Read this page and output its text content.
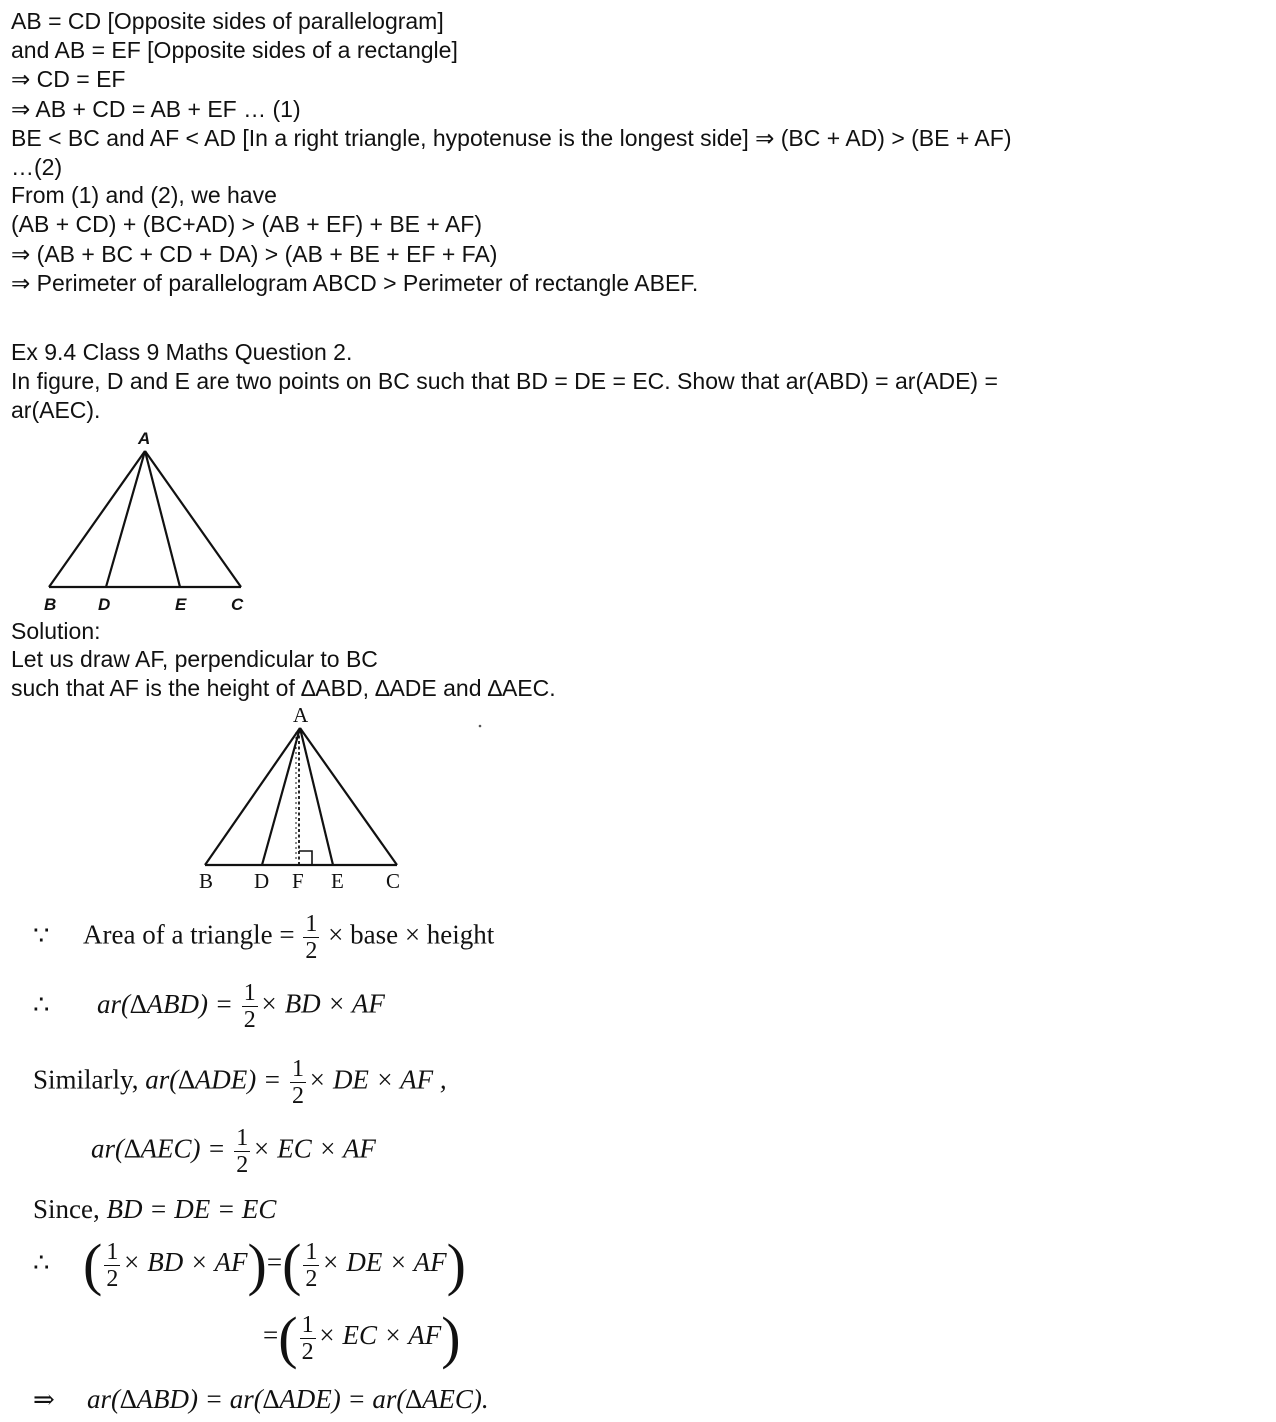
AB = CD [Opposite sides of parallelogram]
and AB = EF [Opposite sides of a rectangle]
⇒ CD = EF
⇒ AB + CD = AB + EF … (1)
BE < BC and AF < AD [In a right triangle, hypotenuse is the longest side] ⇒ (BC + AD) > (BE + AF)
…(2)
From (1) and (2), we have
(AB + CD) + (BC+AD) > (AB + EF) + BE + AF)
⇒ (AB + BC + CD + DA) > (AB + BE + EF + FA)
⇒ Perimeter of parallelogram ABCD > Perimeter of rectangle ABEF.
Ex 9.4 Class 9 Maths Question 2.
In figure, D and E are two points on BC such that BD = DE = EC. Show that ar(ABD) = ar(ADE) =
ar(AEC).
A
B D	E	C
Solution:
Let us draw AF, perpendicular to BC
such that AF is the height of ∆ABD, ∆ADE and ∆AEC.
A
B D F E C
∵ Area of a triangle = $\frac{1}{2}$ × base × height
∴ $ar(\Delta ABD) = \frac{1}{2}$ × BD × AF
Similarly, $ar(\Delta ADE) = \frac{1}{2}$ × DE × AF ,
$ar(\Delta AEC) = \frac{1}{2}$ × EC × AF
Since, BD = DE = EC
∴ ( $\frac{1}{2}$ × BD × $AF)=( \frac{1}{2}$ × DE × AF)
=( $\frac{1}{2}$ × EC × AF)
⇒ ar(∆ABD) = ar(∆ADE) = ar(∆AEC).
